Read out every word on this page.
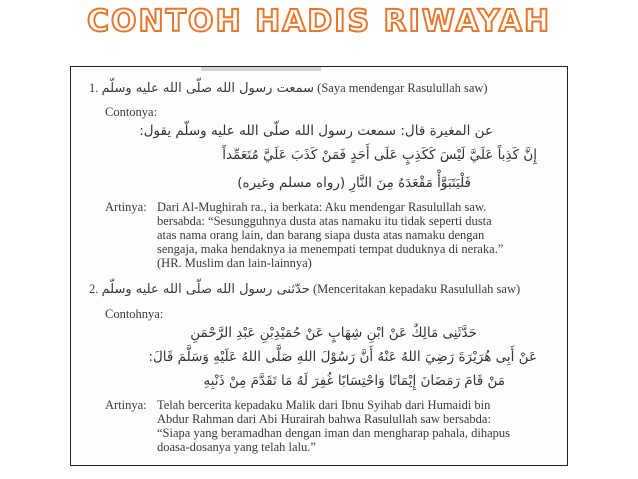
CONTOH HADIS RIWAYAH
1. سمعت رسول الله صلّى الله عليه وسلّم (Saya mendengar Rasulullah saw)
Contonya:
عن المغيرة قال: سمعت رسول الله صلّى الله عليه وسلّم يقول:
إِنَّ كَذِباً عَلَيَّ لَيْسَ كَكَذِبٍ عَلَى أَحَدٍ فَمَنْ كَذَبَ عَلَيَّ مُتَعَمِّداً
فَلْيَتَبَوَّأْ مَقْعَدَهُ مِنَ النَّارِ (رواه مسلم وغيره)
Artinya: Dari Al-Mughirah ra., ia berkata: Aku mendengar Rasulullah saw.
bersabda: “Sesungguhnya dusta atas namaku itu tidak seperti dusta
atas nama orang lain, dan barang siapa dusta atas namaku dengan
sengaja, maka hendaknya ia menempati tempat duduknya di neraka.”
(HR. Muslim dan lain-lainnya)
2. حدّثنى رسول الله صلّى الله عليه وسلّم (Menceritakan kepadaku Rasulullah saw)
Contohnya:
حَدَّثَنِى مَالِكٌ عَنْ ابْنِ شِهَابٍ عَنْ حُمَيْدِبْنِ عَبْدِ الرَّحْمَنِ
عَنْ أَبِى هُرَيْرَةَ رَضِيَ اللهُ عَنْهُ أَنَّ رَسُوْلَ اللهِ صَلَّى اللهُ عَلَيْهِ وَسَلَّمَ قَالَ:
مَنْ قَامَ رَمَضَانَ إِيْمَانًا وَاحْتِسَابًا غُفِرَ لَهُ مَا تَقَدَّمَ مِنْ ذَنْبِهِ
Artinya: Telah bercerita kepadaku Malik dari Ibnu Syihab dari Humaidi bin
Abdur Rahman dari Abi Hurairah bahwa Rasulullah saw bersabda:
“Siapa yang beramadhan dengan iman dan mengharap pahala, dihapus
doasa-dosanya yang telah lalu.”
